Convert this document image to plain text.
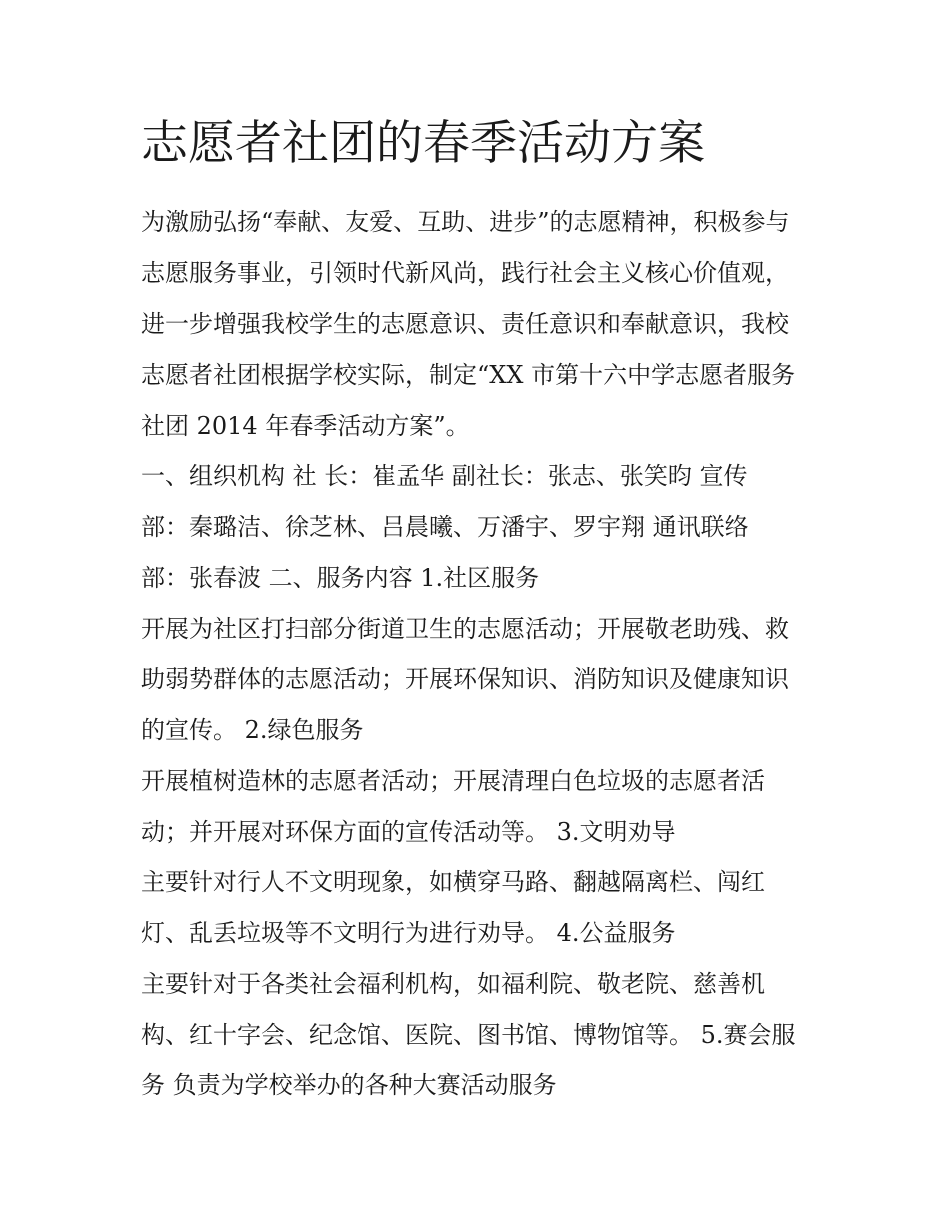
志愿者社团的春季活动方案
为激励弘扬“奉献、友爱、互助、进步”的志愿精神，积极参与
志愿服务事业，引领时代新风尚，践行社会主义核心价值观，
进一步增强我校学生的志愿意识、责任意识和奉献意识，我校
志愿者社团根据学校实际，制定“XX 市第十六中学志愿者服务
社团 2014 年春季活动方案”。
一、组织机构 社 长：崔孟华 副社长：张志、张笑昀 宣传
部：秦璐洁、徐芝林、吕晨曦、万潘宇、罗宇翔 通讯联络
部：张春波 二、服务内容 1.社区服务
开展为社区打扫部分街道卫生的志愿活动；开展敬老助残、救
助弱势群体的志愿活动；开展环保知识、消防知识及健康知识
的宣传。 2.绿色服务
开展植树造林的志愿者活动；开展清理白色垃圾的志愿者活
动；并开展对环保方面的宣传活动等。 3.文明劝导
主要针对行人不文明现象，如横穿马路、翻越隔离栏、闯红
灯、乱丢垃圾等不文明行为进行劝导。 4.公益服务
主要针对于各类社会福利机构，如福利院、敬老院、慈善机
构、红十字会、纪念馆、医院、图书馆、博物馆等。 5.赛会服
务 负责为学校举办的各种大赛活动服务
